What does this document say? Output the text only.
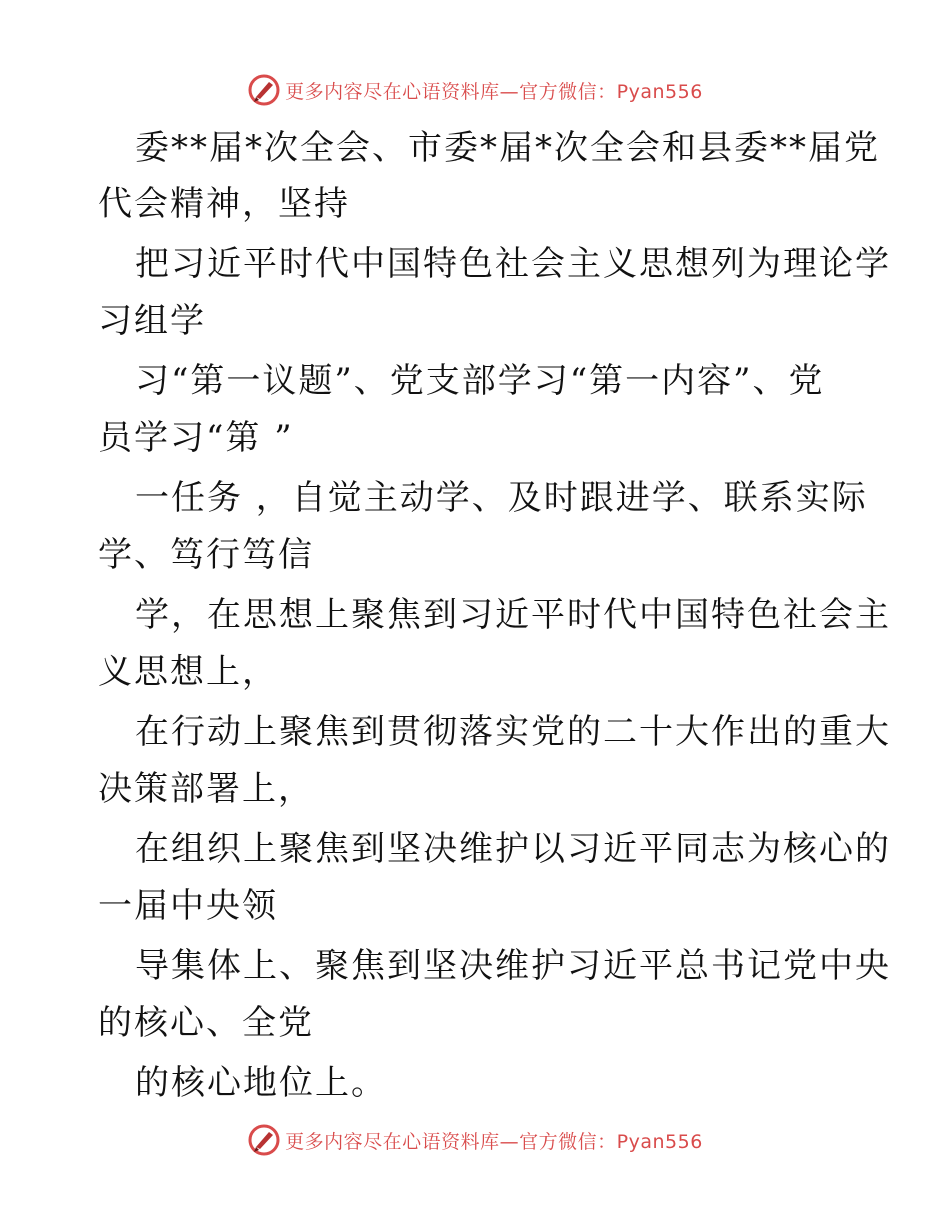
更多内容尽在心语资料库—官方微信：Pyan556
委**届*次全会、市委*届*次全会和县委**届党
代会精神，坚持
把习近平时代中国特色社会主义思想列为理论学
习组学
习“第一议题”、党支部学习“第一内容”、党
员学习“第 ”
一任务 ，自觉主动学、及时跟进学、联系实际
学、笃行笃信
学，在思想上聚焦到习近平时代中国特色社会主
义思想上，
在行动上聚焦到贯彻落实党的二十大作出的重大
决策部署上，
在组织上聚焦到坚决维护以习近平同志为核心的
一届中央领
导集体上、聚焦到坚决维护习近平总书记党中央
的核心、全党
的核心地位上。
更多内容尽在心语资料库—官方微信：Pyan556
